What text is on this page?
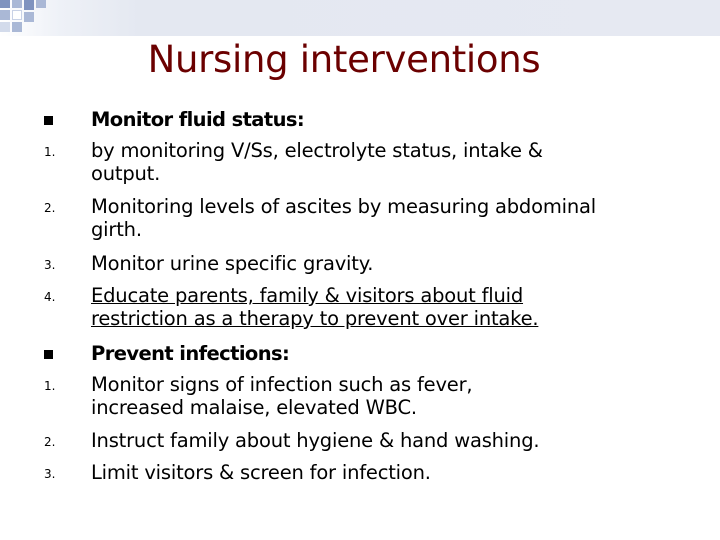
Nursing interventions
Monitor fluid status:
1.	by monitoring V/Ss, electrolyte status, intake &
output.
2.	Monitoring levels of ascites by measuring abdominal
girth.
3.	Monitor urine specific gravity.
4.	Educate parents, family & visitors about fluid
restriction as a therapy to prevent over intake.
Prevent infections:
1.	Monitor signs of infection such as fever,
increased malaise, elevated WBC.
2.	Instruct family about hygiene & hand washing.
3.	Limit visitors & screen for infection.
